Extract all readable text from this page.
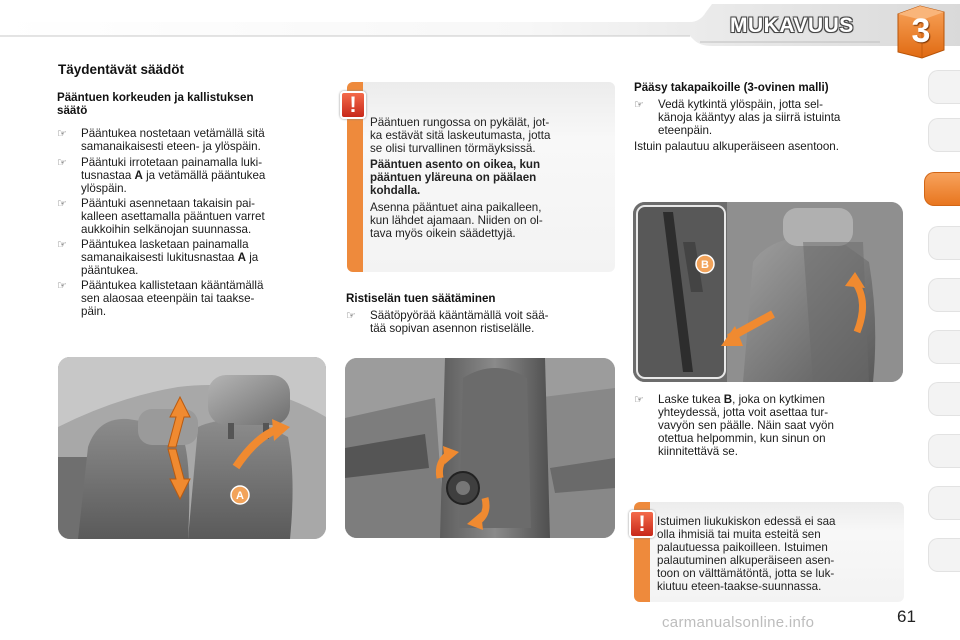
MUKAVUUS	3
Täydentävät säädöt
Pääntuen korkeuden ja kallistuksen
säätö
☞ Pääntukea nostetaan vetämällä sitä
samanaikaisesti eteen- ja ylöspäin.
☞ Pääntuki irrotetaan painamalla luki-
tusnastaa A ja vetämällä pääntukea
ylöspäin.
☞ Pääntuki asennetaan takaisin pai-
kalleen asettamalla pääntuen varret
aukkoihin selkänojan suunnassa.
☞ Pääntukea lasketaan painamalla
samanaikaisesti lukitusnastaa A ja
pääntukea.
☞ Pääntukea kallistetaan kääntämällä
sen alaosaa eteenpäin tai taakse-
päin.
A
!
Pääntuen rungossa on pykälät, jot-
ka estävät sitä laskeutumasta, jotta
se olisi turvallinen törmäyksissä.
Pääntuen asento on oikea, kun
pääntuen yläreuna on päälaen
kohdalla.
Asenna pääntuet aina paikalleen,
kun lähdet ajamaan. Niiden on ol-
tava myös oikein säädettyjä.
Ristiselän tuen säätäminen
☞ Säätöpyörää kääntämällä voit sää-
tää sopivan asennon ristiselälle.
Pääsy takapaikoille (3-ovinen malli)
☞ Vedä kytkintä ylöspäin, jotta sel-
känoja kääntyy alas ja siirrä istuinta
eteenpäin.
Istuin palautuu alkuperäiseen asentoon.
B
☞ Laske tukea B, joka on kytkimen
yhteydessä, jotta voit asettaa tur-
vavyön sen päälle. Näin saat vyön
otettua helpommin, kun sinun on
kiinnitettävä se.
! Istuimen liukukiskon edessä ei saa
olla ihmisiä tai muita esteitä sen
palautuessa paikoilleen. Istuimen
palautuminen alkuperäiseen asen-
toon on välttämätöntä, jotta se luk-
kiutuu eteen-taakse-suunnassa.
61
carmanualsonline.info
